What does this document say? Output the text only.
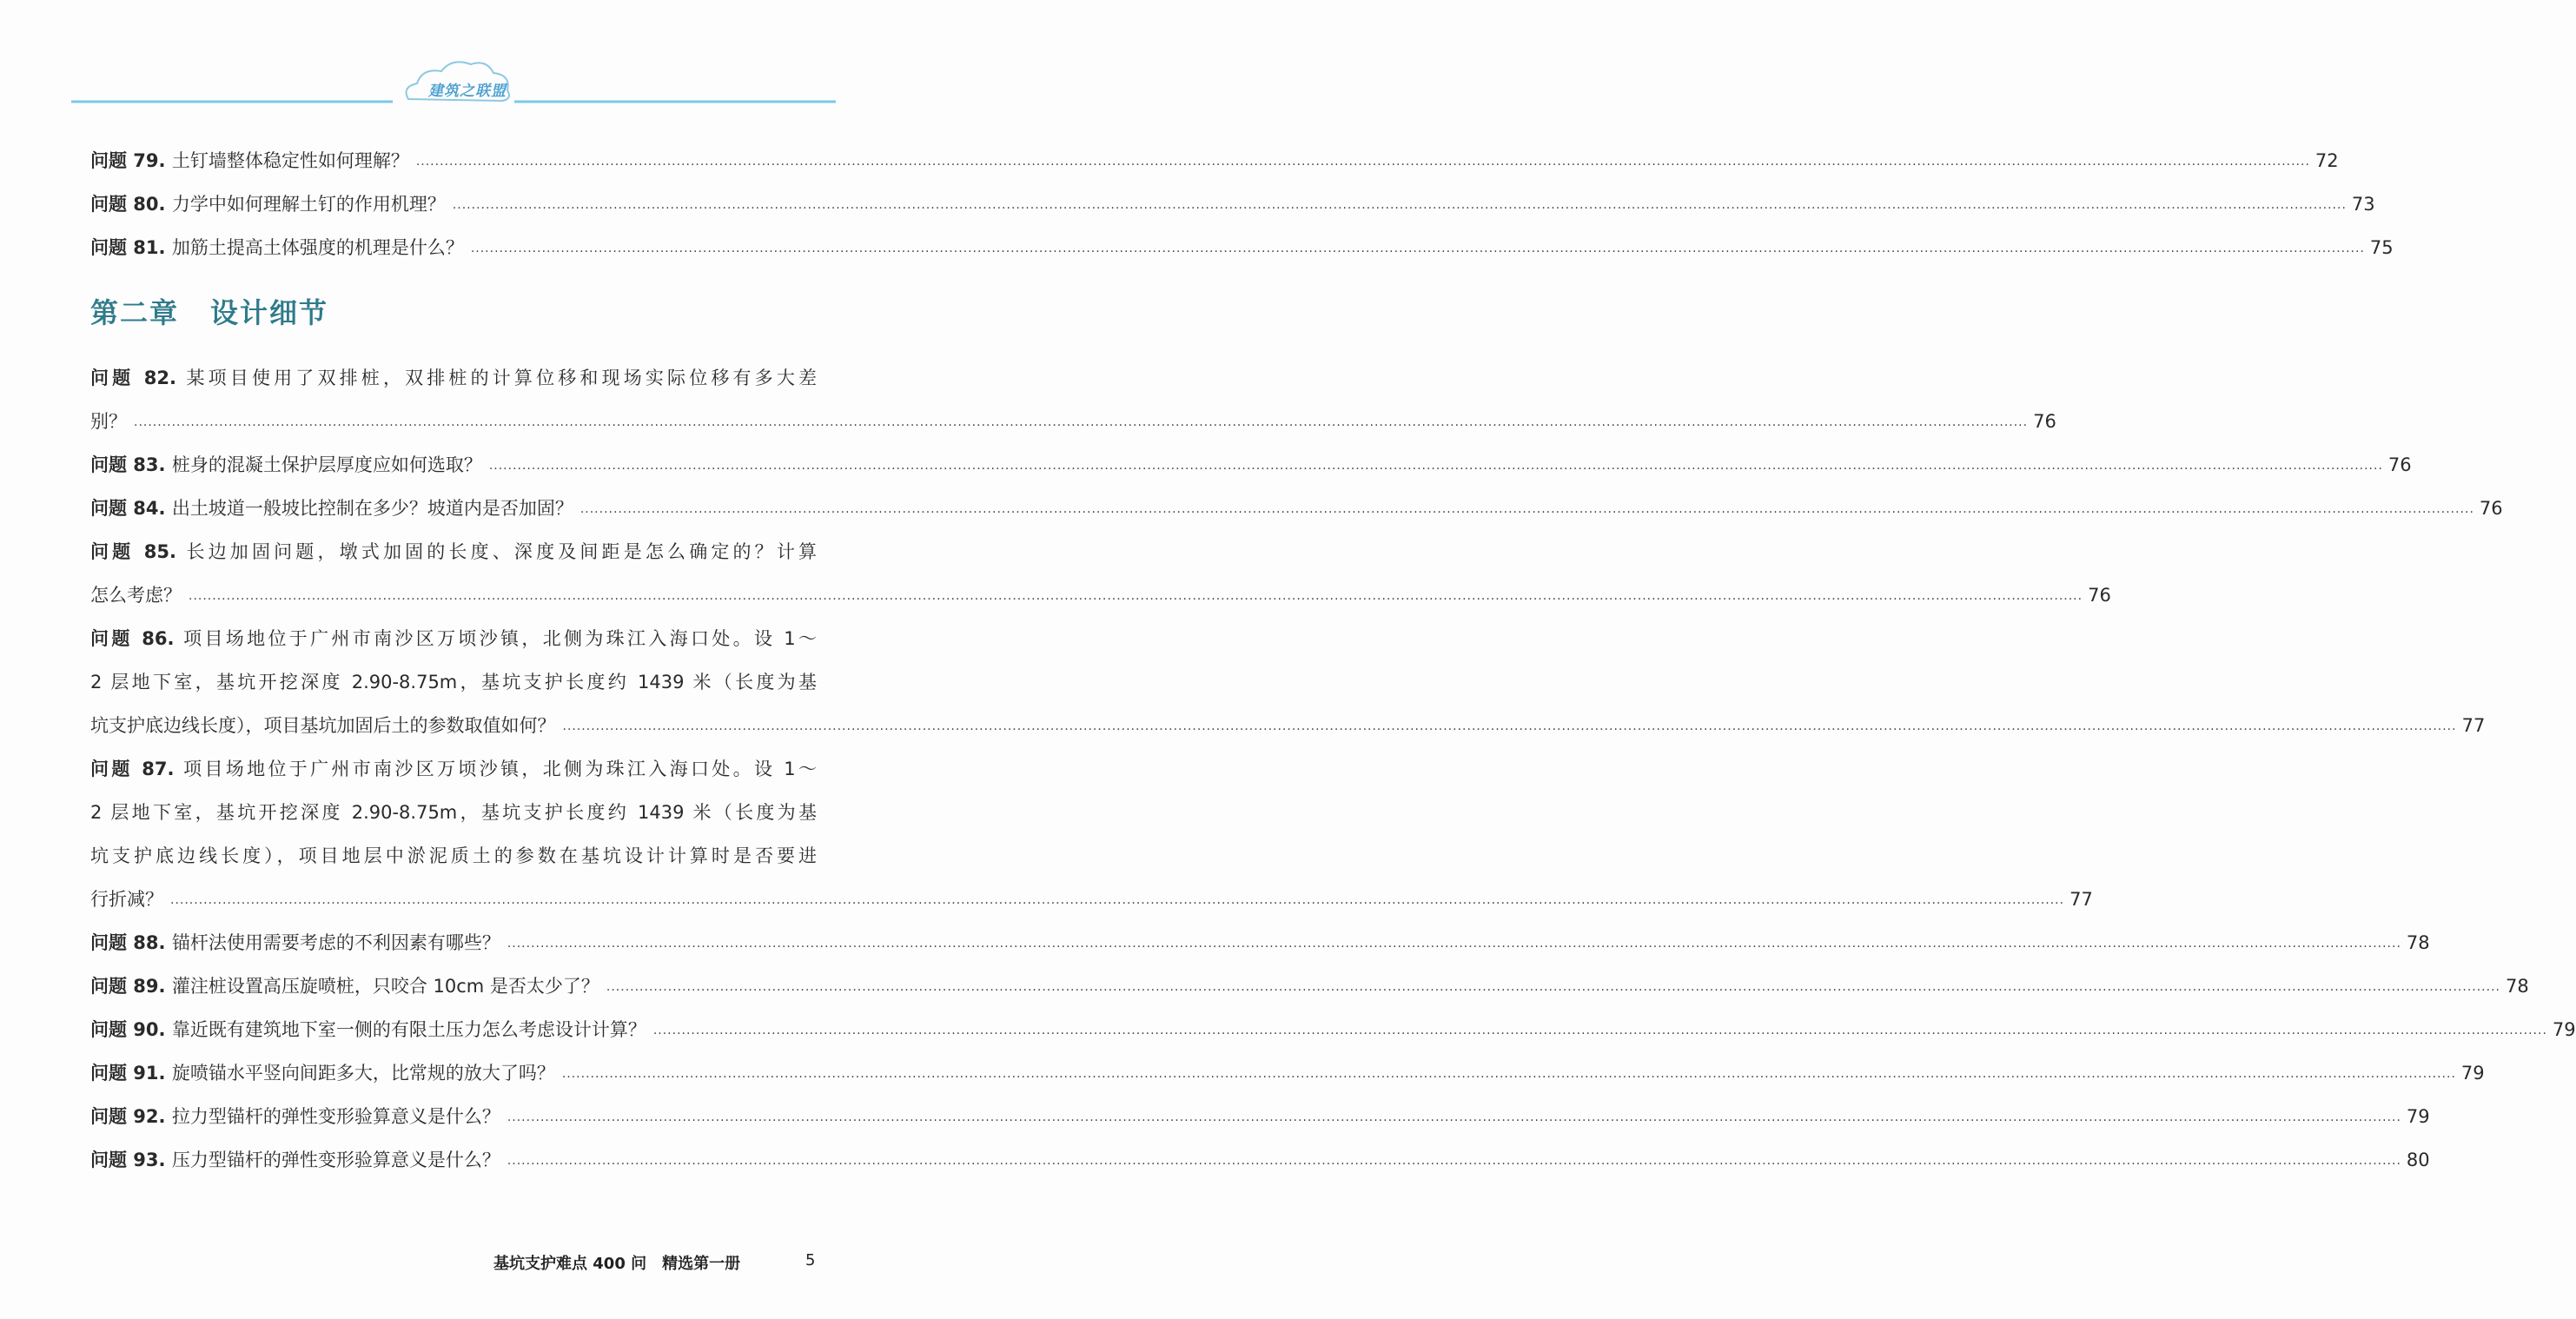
建筑之联盟
问题 79. 土钉墙整体稳定性如何理解？ ................................................................................................................................................................................................................................................................................................................................................................................................................ 72
问题 80. 力学中如何理解土钉的作用机理？ ................................................................................................................................................................................................................................................................................................................................................................................................................ 73
问题 81. 加筋土提高土体强度的机理是什么？ ................................................................................................................................................................................................................................................................................................................................................................................................................ 75
第二章 设计细节
问题 82. 某项目使用了双排桩，双排桩的计算位移和现场实际位移有多大差
别？ ................................................................................................................................................................................................................................................................................................................................................................................................................ 76
问题 83. 桩身的混凝土保护层厚度应如何选取？ ................................................................................................................................................................................................................................................................................................................................................................................................................ 76
问题 84. 出土坡道一般坡比控制在多少？坡道内是否加固？ ................................................................................................................................................................................................................................................................................................................................................................................................................ 76
问题 85. 长边加固问题，墩式加固的长度、深度及间距是怎么确定的？计算
怎么考虑？ ................................................................................................................................................................................................................................................................................................................................................................................................................ 76
问题 86. 项目场地位于广州市南沙区万顷沙镇，北侧为珠江入海口处。设 1～
2 层地下室，基坑开挖深度 2.90-8.75m，基坑支护长度约 1439 米（长度为基
坑支护底边线长度），项目基坑加固后土的参数取值如何？ ................................................................................................................................................................................................................................................................................................................................................................................................................ 77
问题 87. 项目场地位于广州市南沙区万顷沙镇，北侧为珠江入海口处。设 1～
2 层地下室，基坑开挖深度 2.90-8.75m，基坑支护长度约 1439 米（长度为基
坑支护底边线长度），项目地层中淤泥质土的参数在基坑设计计算时是否要进
行折减？ ................................................................................................................................................................................................................................................................................................................................................................................................................ 77
问题 88. 锚杆法使用需要考虑的不利因素有哪些？ ................................................................................................................................................................................................................................................................................................................................................................................................................ 78
问题 89. 灌注桩设置高压旋喷桩，只咬合 10cm 是否太少了？ ................................................................................................................................................................................................................................................................................................................................................................................................................ 78
问题 90. 靠近既有建筑地下室一侧的有限土压力怎么考虑设计计算？ ................................................................................................................................................................................................................................................................................................................................................................................................................ 79
问题 91. 旋喷锚水平竖向间距多大，比常规的放大了吗？ ................................................................................................................................................................................................................................................................................................................................................................................................................ 79
问题 92. 拉力型锚杆的弹性变形验算意义是什么？ ................................................................................................................................................................................................................................................................................................................................................................................................................ 79
问题 93. 压力型锚杆的弹性变形验算意义是什么？ ................................................................................................................................................................................................................................................................................................................................................................................................................ 80
基坑支护难点 400 问 精选第一册	5
